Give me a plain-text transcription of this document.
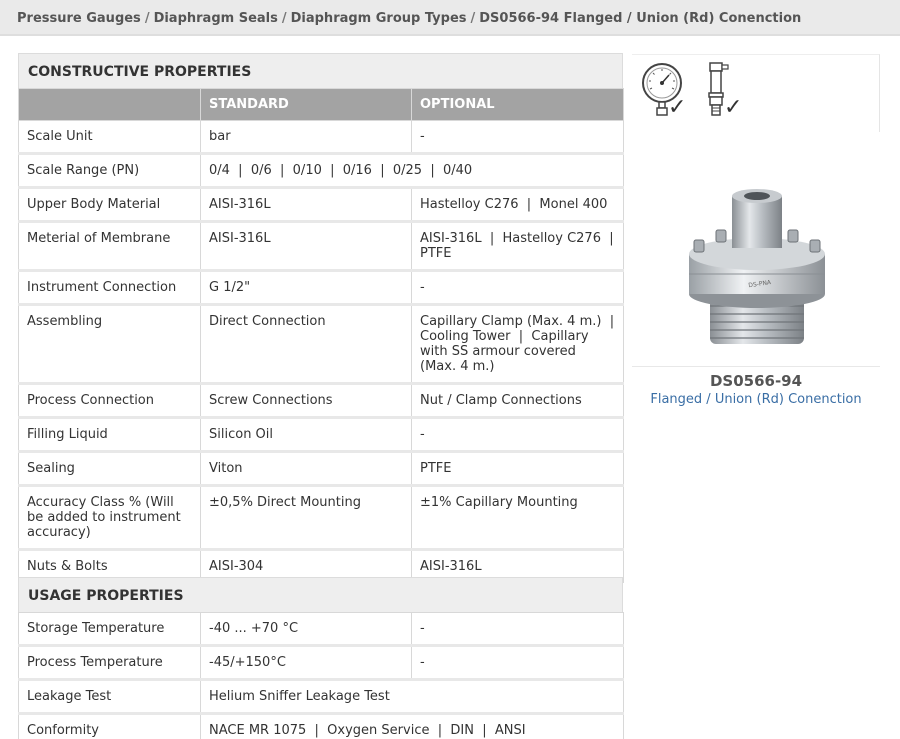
Pressure Gauges / Diaphragm Seals / Diaphragm Group Types / DS0566-94 Flanged / Union (Rd) Conenction
CONSTRUCTIVE PROPERTIES
	STANDARD	OPTIONAL
Scale Unit	bar	-
Scale Range (PN)	0/4  |  0/6  |  0/10  |  0/16  |  0/25  |  0/40	
Upper Body Material	AISI-316L	Hastelloy C276  |  Monel 400
Meterial of Membrane	AISI-316L	AISI-316L  |  Hastelloy C276  |  PTFE
Instrument Connection	G 1/2"	-
Assembling	Direct Connection	Capillary Clamp (Max. 4 m.)  |  Cooling Tower  |  Capillary with SS armour covered (Max. 4 m.)
Process Connection	Screw Connections	Nut / Clamp Connections
Filling Liquid	Silicon Oil	-
Sealing	Viton	PTFE
Accuracy Class % (Will be added to instrument accuracy)	±0,5% Direct Mounting	±1% Capillary Mounting
Nuts & Bolts	AISI-304	AISI-316L
USAGE PROPERTIES
Storage Temperature	-40 ... +70 °C	-
Process Temperature	-45/+150°C	-
Leakage Test	Helium Sniffer Leakage Test	
Conformity	NACE MR 1075  |  Oxygen Service  |  DIN  |  ANSI	
✓ ✓
DS-PNA
DS0566-94
Flanged / Union (Rd) Conenction
